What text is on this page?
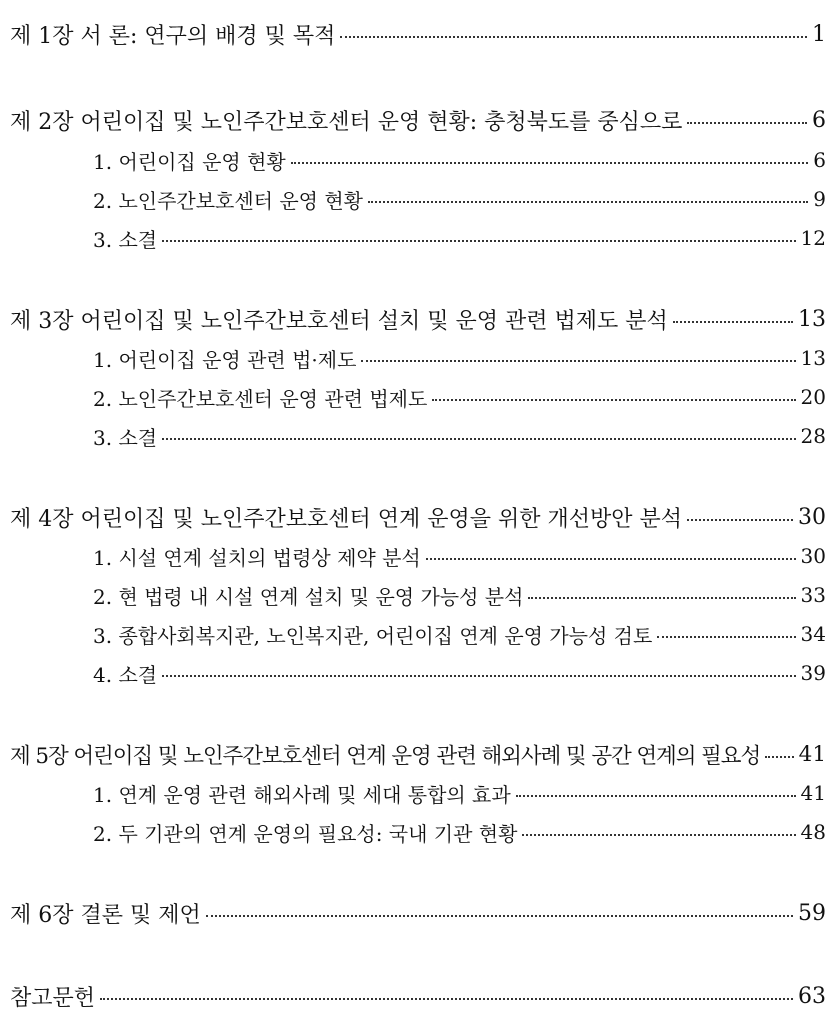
제 1장 서 론: 연구의 배경 및 목적	1
제 2장 어린이집 및 노인주간보호센터 운영 현황: 충청북도를 중심으로	6
1. 어린이집 운영 현황	6
2. 노인주간보호센터 운영 현황	9
3. 소결	12
제 3장 어린이집 및 노인주간보호센터 설치 및 운영 관련 법제도 분석	13
1. 어린이집 운영 관련 법·제도	13
2. 노인주간보호센터 운영 관련 법제도	20
3. 소결	28
제 4장 어린이집 및 노인주간보호센터 연계 운영을 위한 개선방안 분석	30
1. 시설 연계 설치의 법령상 제약 분석	30
2. 현 법령 내 시설 연계 설치 및 운영 가능성 분석	33
3. 종합사회복지관, 노인복지관, 어린이집 연계 운영 가능성 검토	34
4. 소결	39
제 5장 어린이집 및 노인주간보호센터 연계 운영 관련 해외사례 및 공간 연계의 필요성 41
1. 연계 운영 관련 해외사례 및 세대 통합의 효과	41
2. 두 기관의 연계 운영의 필요성: 국내 기관 현황	48
제 6장 결론 및 제언	59
참고문헌	63
